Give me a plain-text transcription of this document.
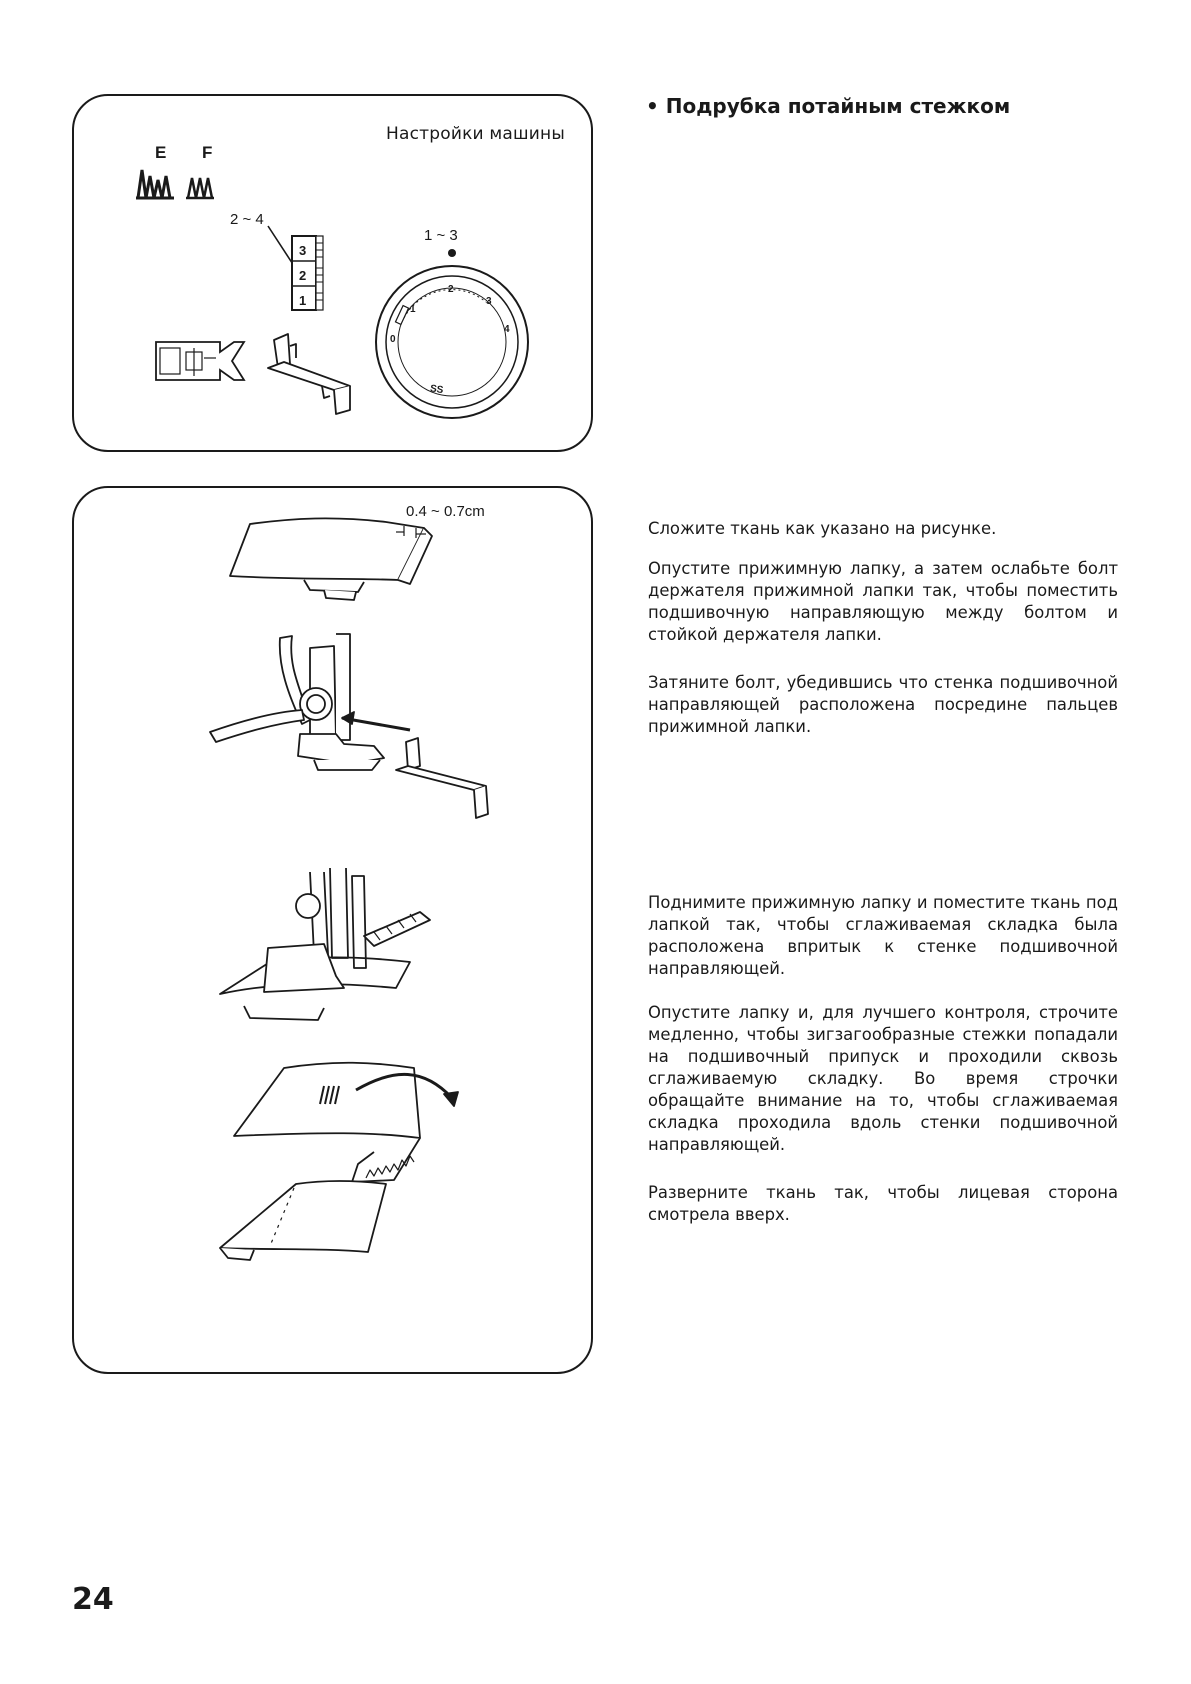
• Подрубка потайным стежком
Настройки машины
E F
2 ~ 4
3
2
1
1 ~ 3
0
1
2
3
4
SS
0.4 ~ 0.7cm

Сложите ткань как указано на рисунке.

Опустите прижимную лапку, а затем ослабьте болт держателя прижимной лапки так, чтобы поместить подшивочную направляющую между болтом и стойкой держателя лапки.

Затяните болт, убедившись что стенка подшивочной направляющей расположена посредине пальцев прижимной лапки.

Поднимите прижимную лапку и поместите ткань под лапкой так, чтобы сглаживаемая складка была расположена впритык к стенке подшивочной направляющей.

Опустите лапку и, для лучшего контроля, строчите медленно, чтобы зигзагообразные стежки попадали на подшивочный припуск и проходили сквозь сглаживаемую складку. Во время строчки обращайте внимание на то, чтобы сглаживаемая складка проходила вдоль стенки подшивочной направляющей.

Разверните ткань так, чтобы лицевая сторона смотрела вверх.

24
